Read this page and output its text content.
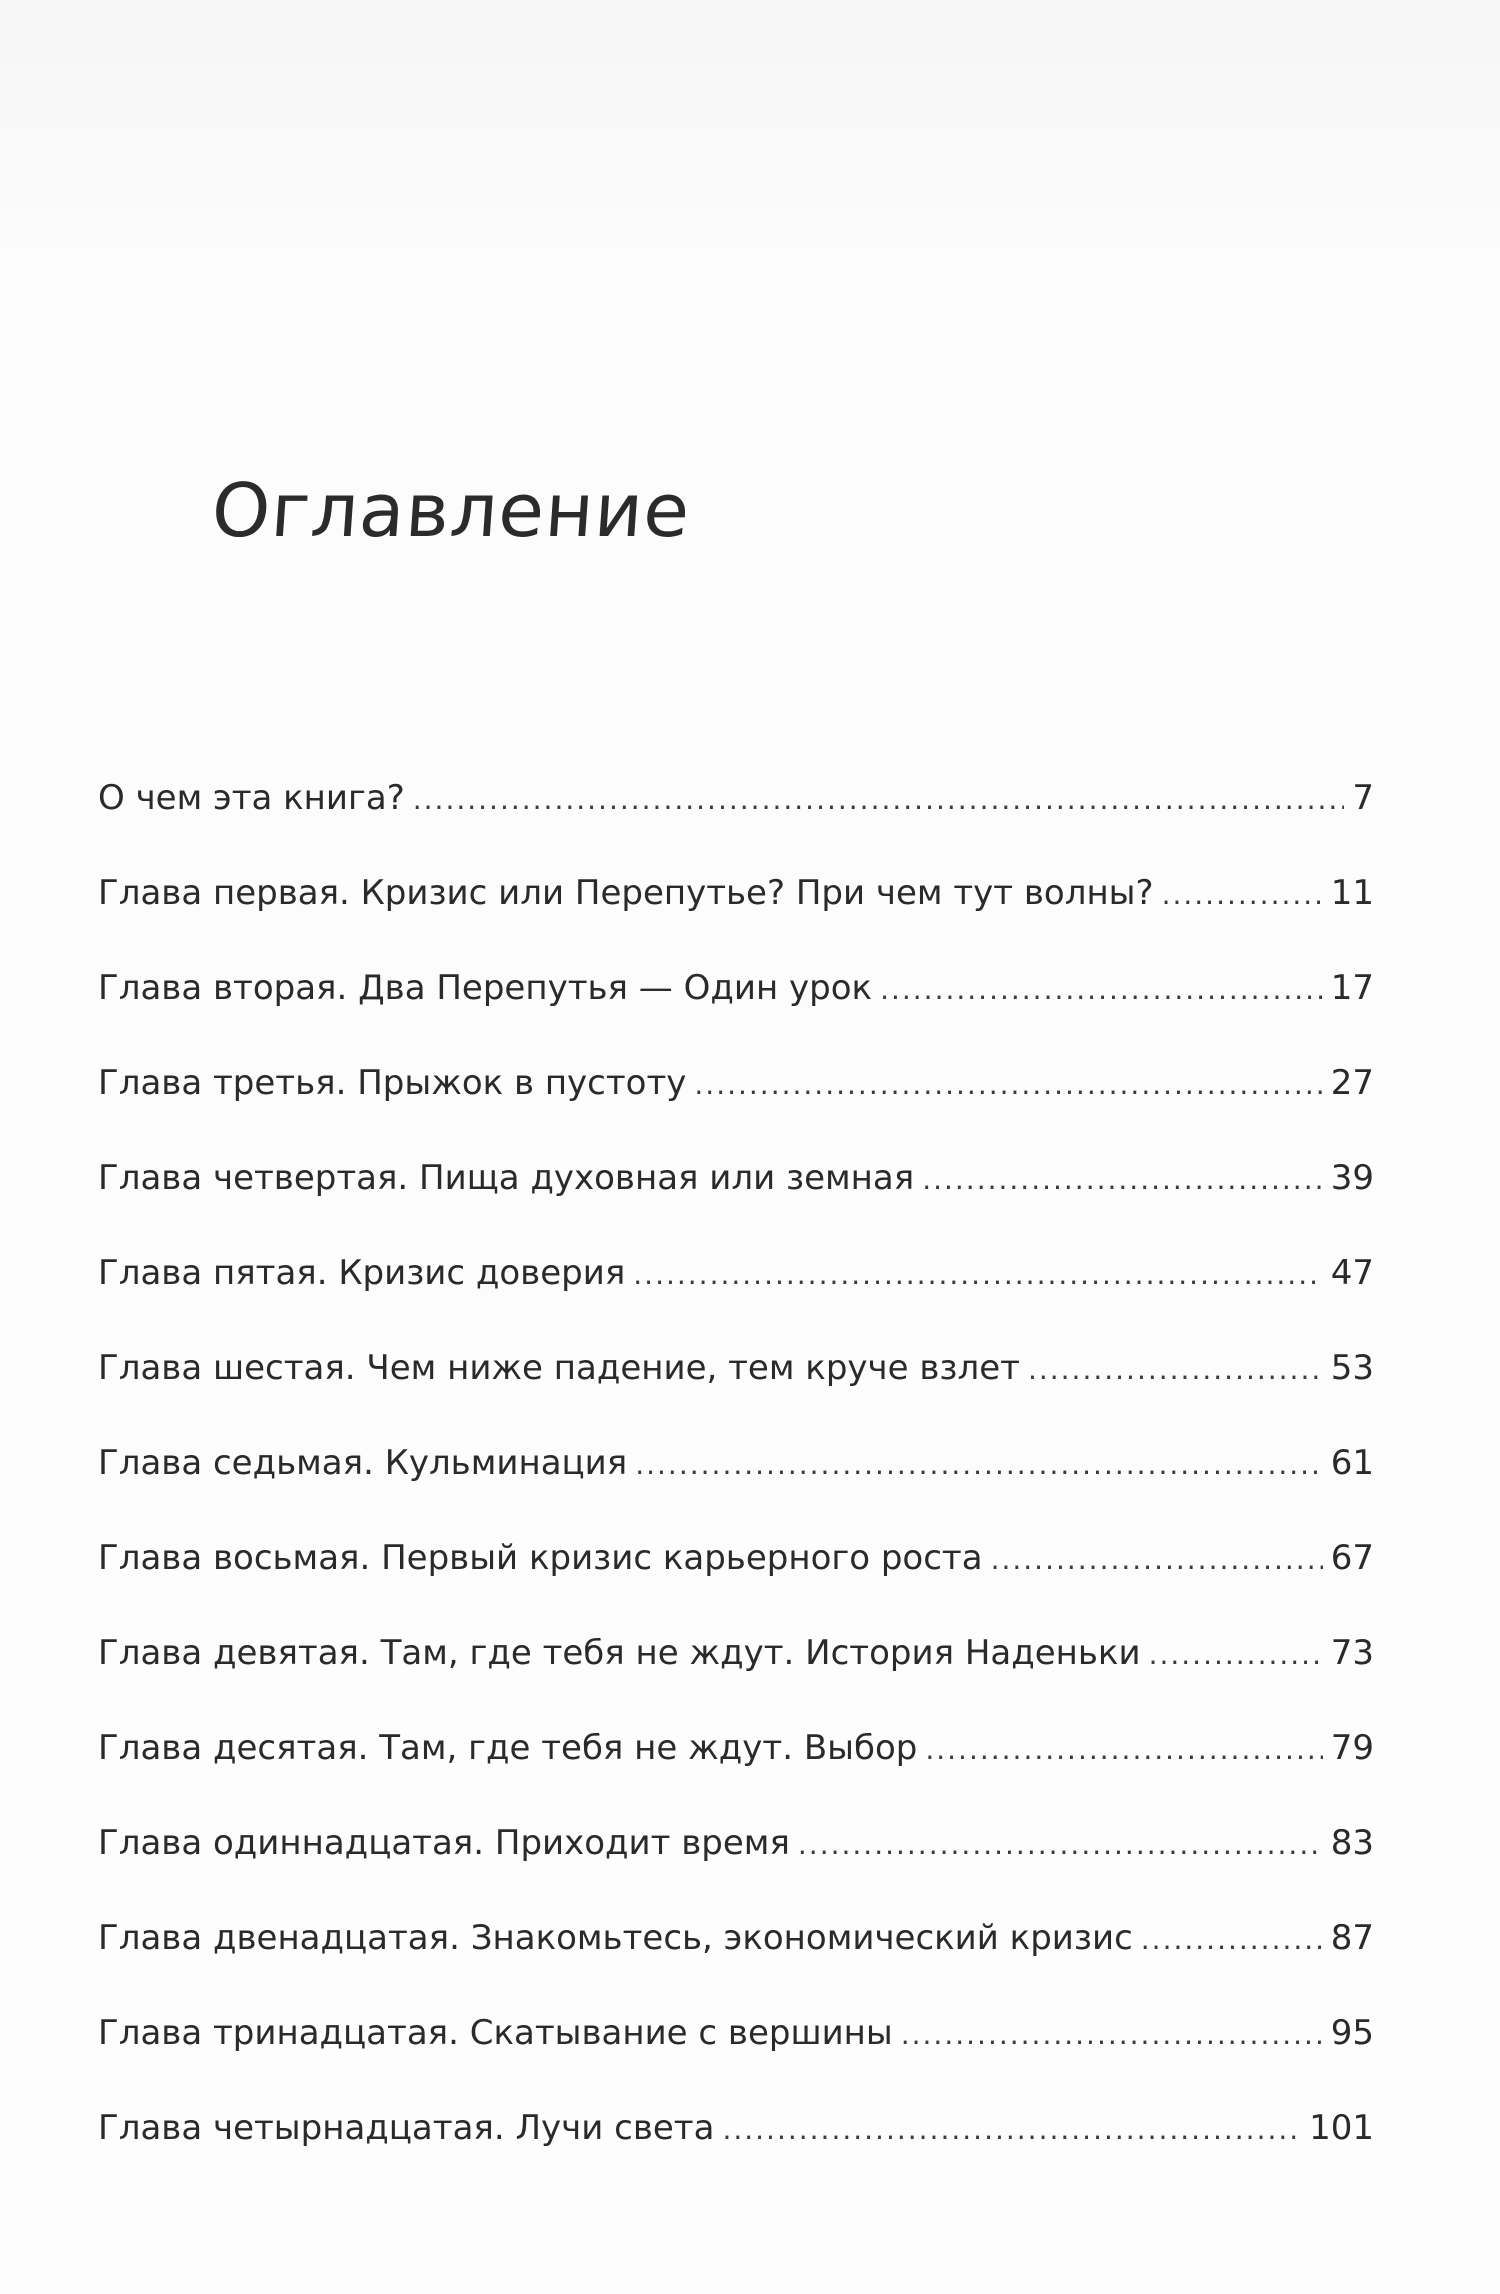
Оглавление
О чем эта книга? .....	7
Глава первая. Кризис или Перепутье? При чем тут волны? .....	11
Глава вторая. Два Перепутья — Один урок .....	17
Глава третья. Прыжок в пустоту .....	27
Глава четвертая. Пища духовная или земная .....	39
Глава пятая. Кризис доверия .....	47
Глава шестая. Чем ниже падение, тем круче взлет .....	53
Глава седьмая. Кульминация .....	61
Глава восьмая. Первый кризис карьерного роста .....	67
Глава девятая. Там, где тебя не ждут. История Наденьки .....	73
Глава десятая. Там, где тебя не ждут. Выбор .....	79
Глава одиннадцатая. Приходит время .....	83
Глава двенадцатая. Знакомьтесь, экономический кризис .....	87
Глава тринадцатая. Скатывание с вершины .....	95
Глава четырнадцатая. Лучи света .....	101
